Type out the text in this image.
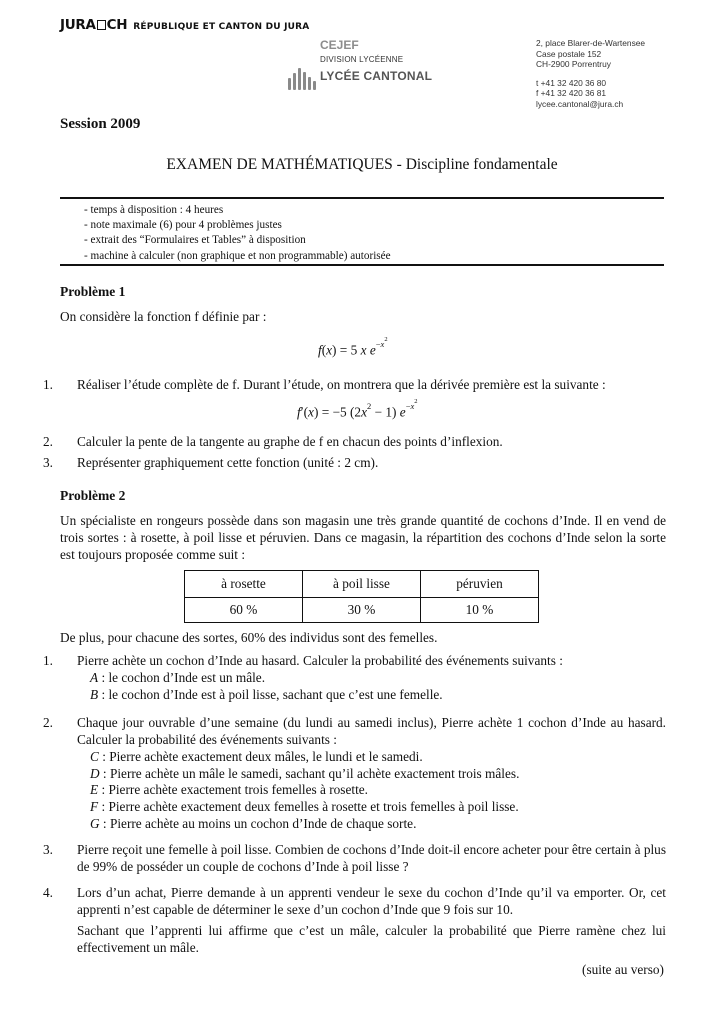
JURA CH RÉPUBLIQUE ET CANTON DU JURA
CEJEF
DIVISION LYCÉENNE
LYCÉE CANTONAL
2, place Blarer-de-Wartensee
Case postale 152
CH-2900 Porrentruy
t +41 32 420 36 80
f +41 32 420 36 81
lycee.cantonal@jura.ch
Session 2009
EXAMEN DE MATHÉMATIQUES - Discipline fondamentale
- temps à disposition : 4 heures
- note maximale (6) pour 4 problèmes justes
- extrait des “Formulaires et Tables” à disposition
- machine à calculer (non graphique et non programmable) autorisée
Problème 1
On considère la fonction f définie par :
f(x) = 5 x $e^{-x^2}$
1. Réaliser l’étude complète de f. Durant l’étude, on montrera que la dérivée première est la suivante :
f′(x) = −5 $(2x^2 - 1)$ $e^{-x^2}$
2. Calculer la pente de la tangente au graphe de f en chacun des points d’inflexion.
3. Représenter graphiquement cette fonction (unité : 2 cm).
Problème 2
Un spécialiste en rongeurs possède dans son magasin une très grande quantité de cochons d’Inde. Il en vend de trois sortes : à rosette, à poil lisse et péruvien. Dans ce magasin, la répartition des cochons d’Inde selon la sorte est toujours proposée comme suit :
à rosette	à poil lisse	péruvien
60 %	30 %	10 %
De plus, pour chacune des sortes, 60% des individus sont des femelles.
1. Pierre achète un cochon d’Inde au hasard. Calculer la probabilité des événements suivants :
A : le cochon d’Inde est un mâle.
B : le cochon d’Inde est à poil lisse, sachant que c’est une femelle.
2. Chaque jour ouvrable d’une semaine (du lundi au samedi inclus), Pierre achète 1 cochon d’Inde au hasard. Calculer la probabilité des événements suivants :
C : Pierre achète exactement deux mâles, le lundi et le samedi.
D : Pierre achète un mâle le samedi, sachant qu’il achète exactement trois mâles.
E : Pierre achète exactement trois femelles à rosette.
F : Pierre achète exactement deux femelles à rosette et trois femelles à poil lisse.
G : Pierre achète au moins un cochon d’Inde de chaque sorte.
3. Pierre reçoit une femelle à poil lisse. Combien de cochons d’Inde doit-il encore acheter pour être certain à plus de 99% de posséder un couple de cochons d’Inde à poil lisse ?
4. Lors d’un achat, Pierre demande à un apprenti vendeur le sexe du cochon d’Inde qu’il va emporter. Or, cet apprenti n’est capable de déterminer le sexe d’un cochon d’Inde que 9 fois sur 10.
Sachant que l’apprenti lui affirme que c’est un mâle, calculer la probabilité que Pierre ramène chez lui effectivement un mâle.
(suite au verso)
